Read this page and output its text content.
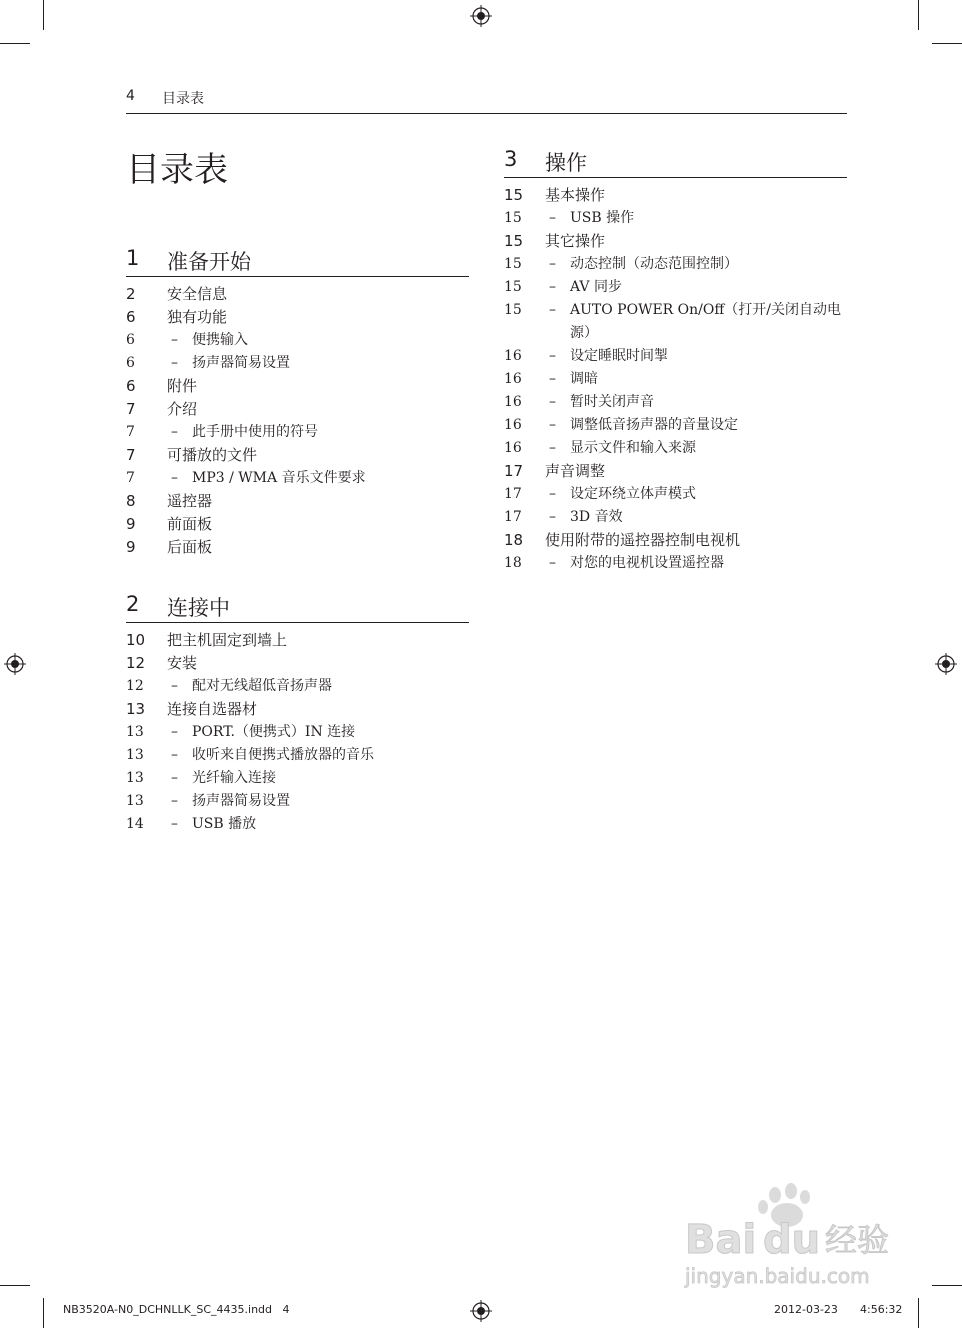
4 目录表
目录表
1 准备开始
2 安全信息
6 独有功能
6	– 便携输入
6	– 扬声器简易设置
6 附件
7 介绍
7	– 此手册中使用的符号
7 可播放的文件
7	– MP3 / WMA 音乐文件要求
8 遥控器
9 前面板
9 后面板
2 连接中
10 把主机固定到墙上
12 安装
12 – 配对无线超低音扬声器
13 连接自选器材
13 – PORT.（便携式）IN 连接
13 – 收听来自便携式播放器的音乐
13 – 光纤输入连接
13 – 扬声器简易设置
14 – USB 播放
3 操作
15 基本操作
15 – USB 操作
15 其它操作
15 – 动态控制（动态范围控制）
15 – AV 同步
15 – AUTO POWER On/Off（打开/关闭自动电源）
16 – 设定睡眠时间掣
16 – 调暗
16 – 暂时关闭声音
16 – 调整低音扬声器的音量设定
16 – 显示文件和输入来源
17 声音调整
17 – 设定环绕立体声模式
17 – 3D 音效
18 使用附带的遥控器控制电视机
18 – 对您的电视机设置遥控器
Bai du 经验
jingyan.baidu.com
NB3520A-N0_DCHNLLK_SC_4435.indd   4	2012-03-23 4:56:32
